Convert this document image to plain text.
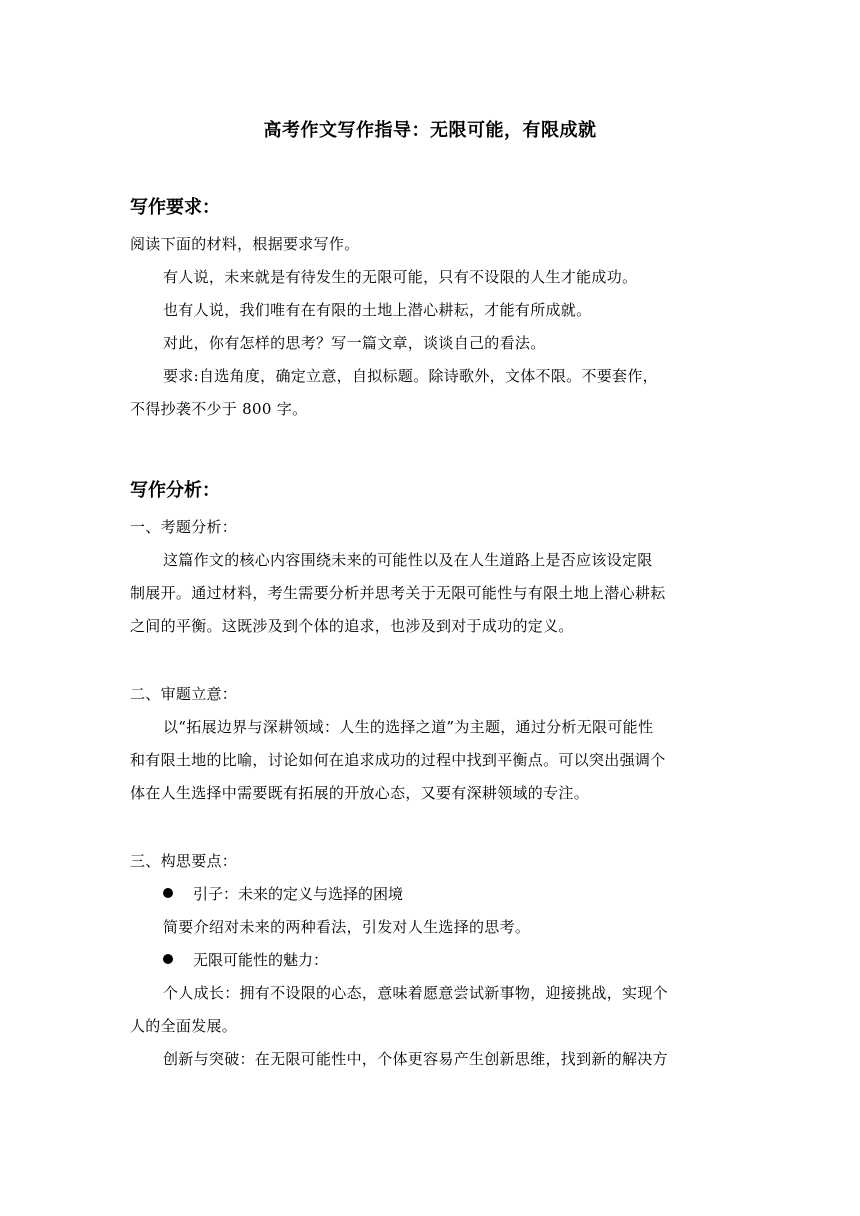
高考作文写作指导：无限可能，有限成就
写作要求：
阅读下面的材料，根据要求写作。
有人说，未来就是有待发生的无限可能，只有不设限的人生才能成功。
也有人说，我们唯有在有限的土地上潜心耕耘，才能有所成就。
对此，你有怎样的思考？写一篇文章，谈谈自己的看法。
要求:自选角度，确定立意，自拟标题。除诗歌外，文体不限。不要套作，
不得抄袭不少于 800 字。
写作分析：
一、考题分析：
这篇作文的核心内容围绕未来的可能性以及在人生道路上是否应该设定限
制展开。通过材料，考生需要分析并思考关于无限可能性与有限土地上潜心耕耘
之间的平衡。这既涉及到个体的追求，也涉及到对于成功的定义。
二、审题立意：
以“拓展边界与深耕领域：人生的选择之道”为主题，通过分析无限可能性
和有限土地的比喻，讨论如何在追求成功的过程中找到平衡点。可以突出强调个
体在人生选择中需要既有拓展的开放心态，又要有深耕领域的专注。
三、构思要点：
引子：未来的定义与选择的困境
简要介绍对未来的两种看法，引发对人生选择的思考。
无限可能性的魅力：
个人成长：拥有不设限的心态，意味着愿意尝试新事物，迎接挑战，实现个
人的全面发展。
创新与突破：在无限可能性中，个体更容易产生创新思维，找到新的解决方
